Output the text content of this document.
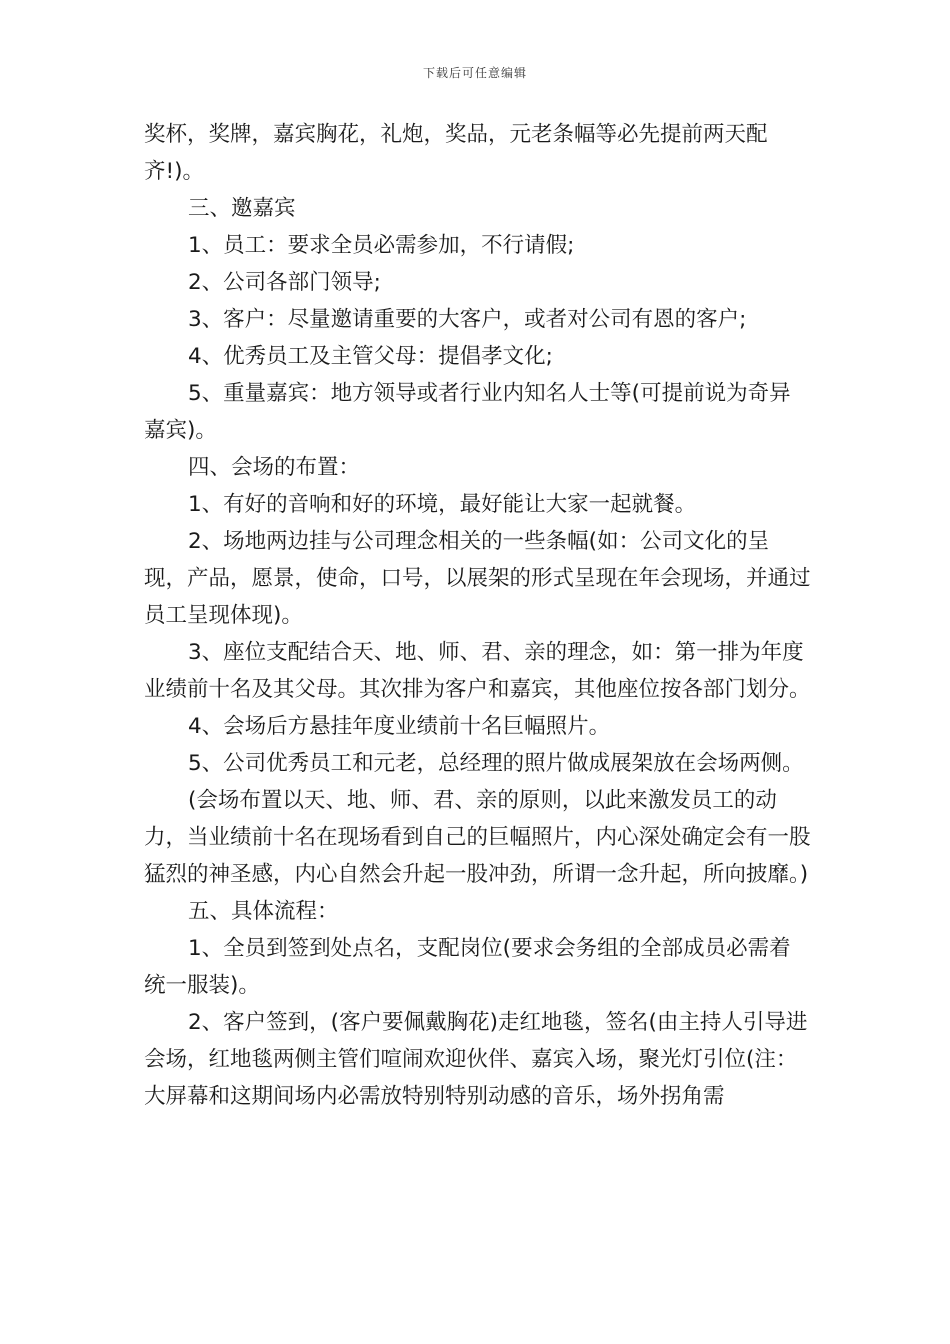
下载后可任意编辑

奖杯，奖牌，嘉宾胸花，礼炮，奖品，元老条幅等必先提前两天配齐!)。

三、邀嘉宾

1、员工：要求全员必需参加，不行请假;

2、公司各部门领导;

3、客户：尽量邀请重要的大客户，或者对公司有恩的客户;

4、优秀员工及主管父母：提倡孝文化;

5、重量嘉宾：地方领导或者行业内知名人士等(可提前说为奇异嘉宾)。

四、会场的布置：

1、有好的音响和好的环境，最好能让大家一起就餐。

2、场地两边挂与公司理念相关的一些条幅(如：公司文化的呈现，产品，愿景，使命，口号，以展架的形式呈现在年会现场，并通过员工呈现体现)。

3、座位支配结合天、地、师、君、亲的理念，如：第一排为年度业绩前十名及其父母。其次排为客户和嘉宾，其他座位按各部门划分。

4、会场后方悬挂年度业绩前十名巨幅照片。

5、公司优秀员工和元老，总经理的照片做成展架放在会场两侧。

(会场布置以天、地、师、君、亲的原则，以此来激发员工的动力，当业绩前十名在现场看到自己的巨幅照片，内心深处确定会有一股猛烈的神圣感，内心自然会升起一股冲劲，所谓一念升起，所向披靡。)

五、具体流程：

1、全员到签到处点名，支配岗位(要求会务组的全部成员必需着统一服装)。

2、客户签到，(客户要佩戴胸花)走红地毯，签名(由主持人引导进会场，红地毯两侧主管们喧闹欢迎伙伴、嘉宾入场，聚光灯引位(注：大屏幕和这期间场内必需放特别特别动感的音乐，场外拐角需
